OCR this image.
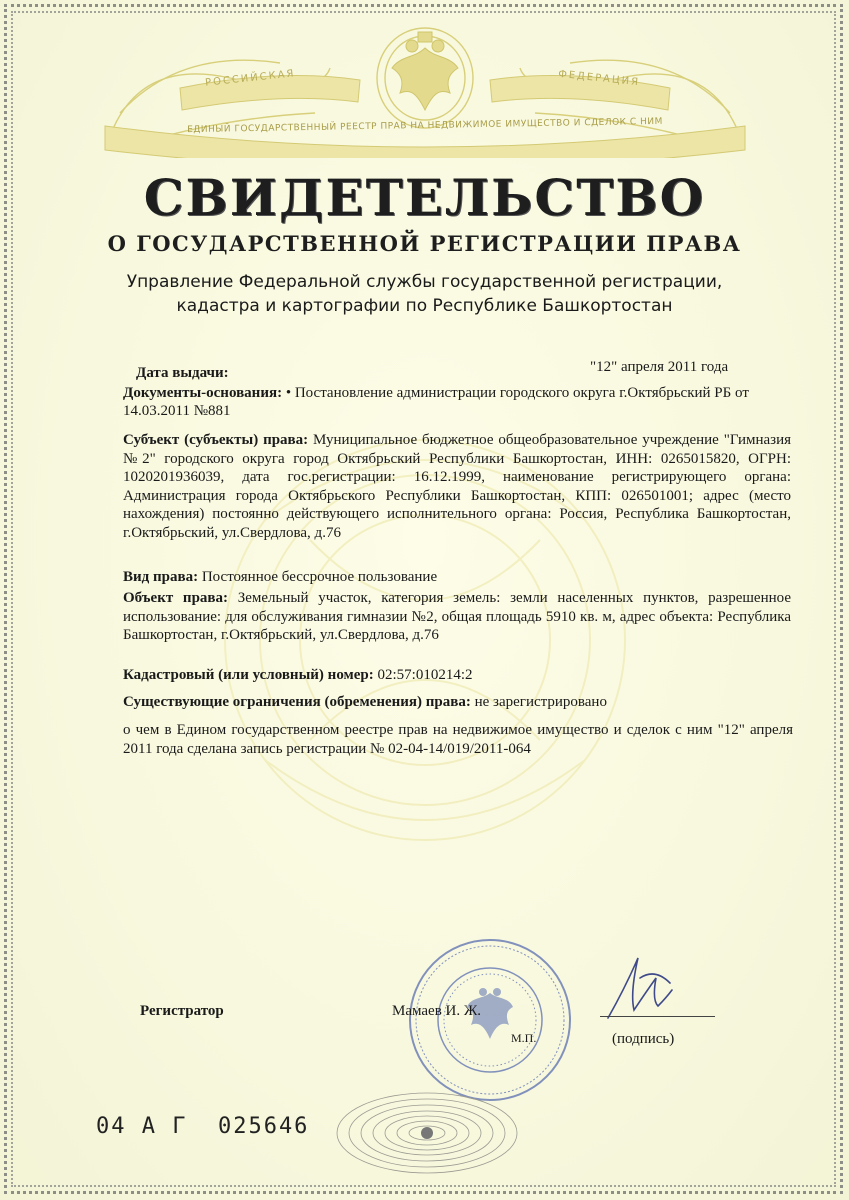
РОССИЙСКАЯ	ФЕДЕРАЦИЯ
ЕДИНЫЙ ГОСУДАРСТВЕННЫЙ РЕЕСТР ПРАВ НА НЕДВИЖИМОЕ ИМУЩЕСТВО И СДЕЛОК С НИМ
СВИДЕТЕЛЬСТВО
О ГОСУДАРСТВЕННОЙ РЕГИСТРАЦИИ ПРАВА
Управление Федеральной службы государственной регистрации,
кадастра и картографии по Республике Башкортостан
Дата выдачи:	"12" апреля 2011 года
Документы-основания: • Постановление администрации городского округа г.Октябрьский РБ от 14.03.2011 №881
Субъект (субъекты) права: Муниципальное бюджетное общеобразовательное учреждение "Гимназия №2" городского округа город Октябрьский Республики Башкортостан, ИНН: 0265015820, ОГРН: 1020201936039, дата гос.регистрации: 16.12.1999, наименование регистрирующего органа: Администрация города Октябрьского Республики Башкортостан, КПП: 026501001; адрес (место нахождения) постоянно действующего исполнительного органа: Россия, Республика Башкортостан, г.Октябрьский, ул.Свердлова, д.76
Вид права: Постоянное бессрочное пользование
Объект права: Земельный участок, категория земель: земли населенных пунктов, разрешенное использование: для обслуживания гимназии №2, общая площадь 5910 кв. м, адрес объекта: Республика Башкортостан, г.Октябрьский, ул.Свердлова, д.76
Кадастровый (или условный) номер: 02:57:010214:2
Существующие ограничения (обременения) права: не зарегистрировано
о чем в Едином государственном реестре прав на недвижимое имущество и сделок с ним "12" апреля 2011 года сделана запись регистрации № 02-04-14/019/2011-064
Регистратор	Мамаев И. Ж.
М.П.	(подпись)
04 А Г  025646
